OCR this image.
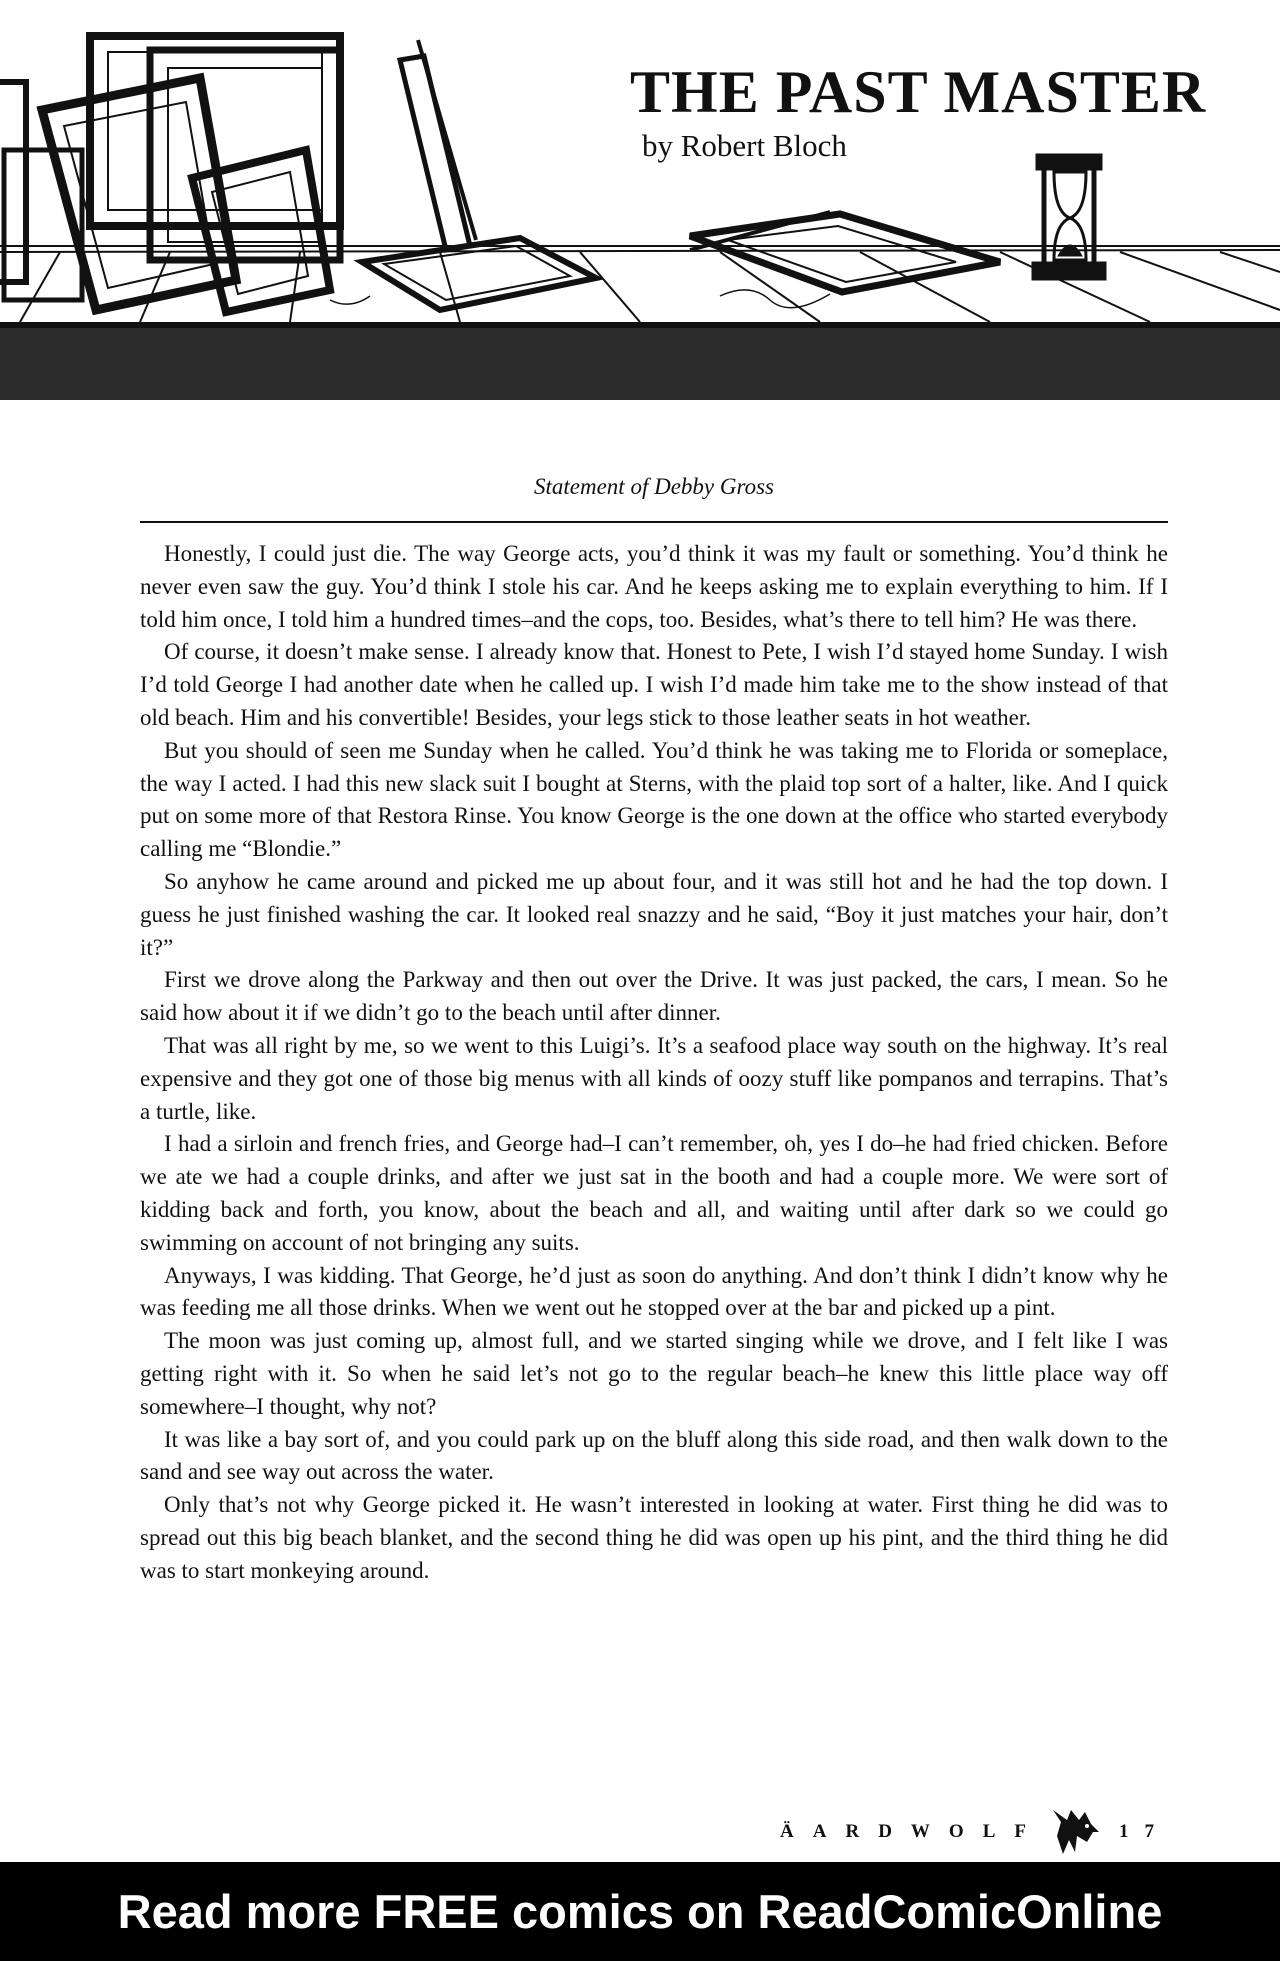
THE PAST MASTER
by Robert Bloch
Statement of Debby Gross

Honestly, I could just die. The way George acts, you’d think it was my fault or something. You’d think he never even saw the guy. You’d think I stole his car. And he keeps asking me to explain everything to him. If I told him once, I told him a hundred times–and the cops, too. Besides, what’s there to tell him? He was there.

Of course, it doesn’t make sense. I already know that. Honest to Pete, I wish I’d stayed home Sunday. I wish I’d told George I had another date when he called up. I wish I’d made him take me to the show instead of that old beach. Him and his convertible! Besides, your legs stick to those leather seats in hot weather.

But you should of seen me Sunday when he called. You’d think he was taking me to Florida or someplace, the way I acted. I had this new slack suit I bought at Sterns, with the plaid top sort of a halter, like. And I quick put on some more of that Restora Rinse. You know George is the one down at the office who started everybody calling me “Blondie.”

So anyhow he came around and picked me up about four, and it was still hot and he had the top down. I guess he just finished washing the car. It looked real snazzy and he said, “Boy it just matches your hair, don’t it?”

First we drove along the Parkway and then out over the Drive. It was just packed, the cars, I mean. So he said how about it if we didn’t go to the beach until after dinner.

That was all right by me, so we went to this Luigi’s. It’s a seafood place way south on the highway. It’s real expensive and they got one of those big menus with all kinds of oozy stuff like pompanos and terrapins. That’s a turtle, like.

I had a sirloin and french fries, and George had–I can’t remember, oh, yes I do–he had fried chicken. Before we ate we had a couple drinks, and after we just sat in the booth and had a couple more. We were sort of kidding back and forth, you know, about the beach and all, and waiting until after dark so we could go swimming on account of not bringing any suits.

Anyways, I was kidding. That George, he’d just as soon do anything. And don’t think I didn’t know why he was feeding me all those drinks. When we went out he stopped over at the bar and picked up a pint.

The moon was just coming up, almost full, and we started singing while we drove, and I felt like I was getting right with it. So when he said let’s not go to the regular beach–he knew this little place way off somewhere–I thought, why not?

It was like a bay sort of, and you could park up on the bluff along this side road, and then walk down to the sand and see way out across the water.

Only that’s not why George picked it. He wasn’t interested in looking at water. First thing he did was to spread out this big beach blanket, and the second thing he did was open up his pint, and the third thing he did was to start monkeying around.

ÄARDWOLF	17
Read more FREE comics on ReadComicOnline
